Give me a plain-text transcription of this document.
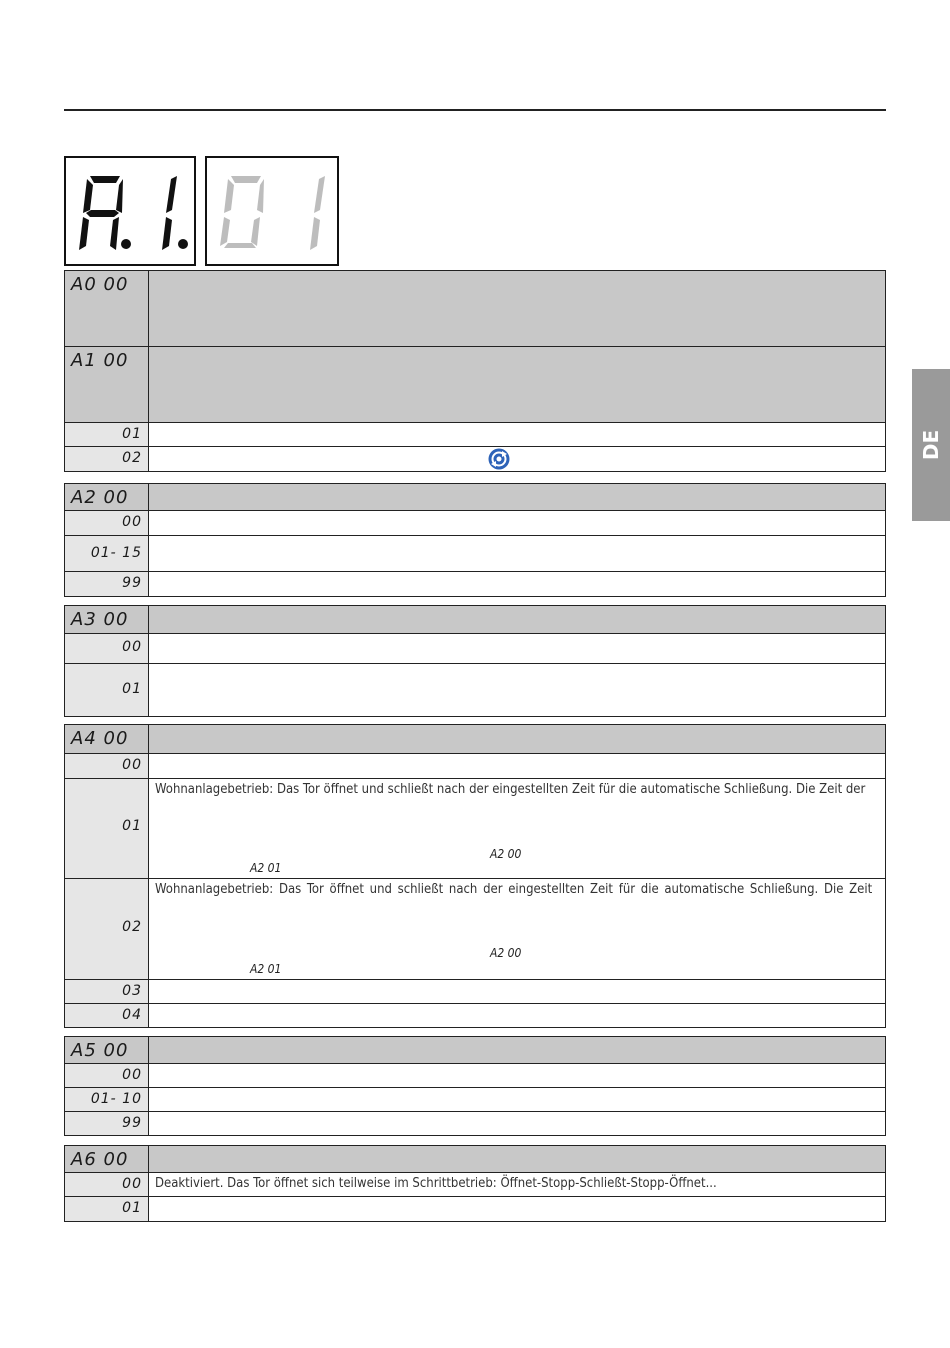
DE
A0 00
A1 00
01
02
A2 00
00
01- 15
99
A3 00
00
01
A4 00
00
01
Wohnanlagebetrieb: Das Tor öffnet und schließt nach der eingestellten Zeit für die automatische Schließung. Die Zeit der
A2 00
A2 01
02
Wohnanlagebetrieb: Das Tor öffnet und schließt nach der eingestellten Zeit für die automatische Schließung. Die Zeit
A2 00
A2 01
03
04
A5 00
00
01- 10
99
A6 00
00	Deaktiviert. Das Tor öffnet sich teilweise im Schrittbetrieb: Öffnet-Stopp-Schließt-Stopp-Öffnet...
01
